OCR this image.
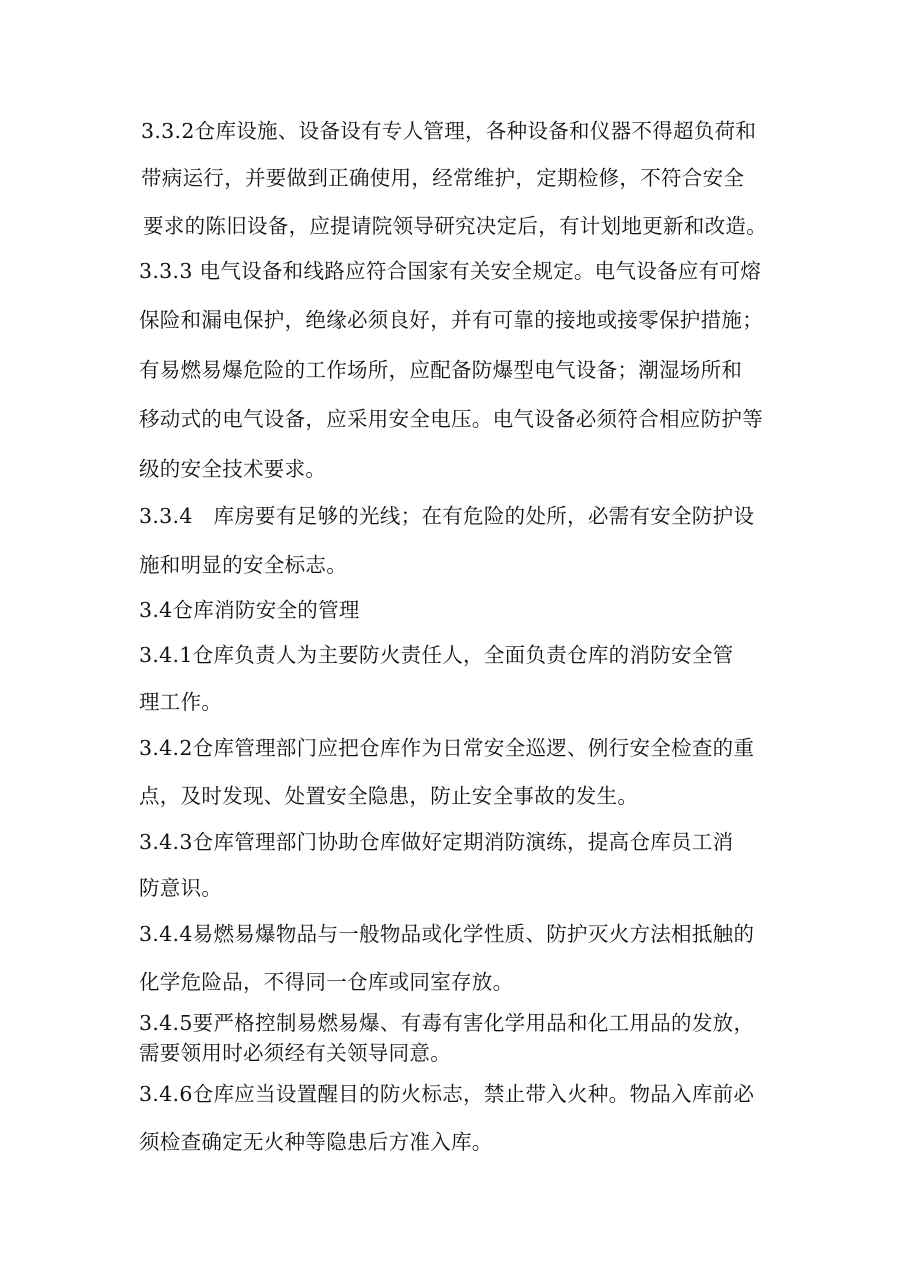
3.3.2仓库设施、设备设有专人管理，各种设备和仪器不得超负荷和
带病运行，并要做到正确使用，经常维护，定期检修，不符合安全
要求的陈旧设备，应提请院领导研究决定后，有计划地更新和改造。
3.3.3 电气设备和线路应符合国家有关安全规定。电气设备应有可熔
保险和漏电保护，绝缘必须良好，并有可靠的接地或接零保护措施；
有易燃易爆危险的工作场所，应配备防爆型电气设备；潮湿场所和
移动式的电气设备，应采用安全电压。电气设备必须符合相应防护等
级的安全技术要求。
3.3.4　库房要有足够的光线；在有危险的处所，必需有安全防护设
施和明显的安全标志。
3.4仓库消防安全的管理
3.4.1仓库负责人为主要防火责任人，全面负责仓库的消防安全管
理工作。
3.4.2仓库管理部门应把仓库作为日常安全巡逻、例行安全检查的重
点，及时发现、处置安全隐患，防止安全事故的发生。
3.4.3仓库管理部门协助仓库做好定期消防演练，提高仓库员工消
防意识。
3.4.4易燃易爆物品与一般物品或化学性质、防护灭火方法相抵触的
化学危险品，不得同一仓库或同室存放。
3.4.5要严格控制易燃易爆、有毒有害化学用品和化工用品的发放，
需要领用时必须经有关领导同意。
3.4.6仓库应当设置醒目的防火标志，禁止带入火种。物品入库前必
须检查确定无火种等隐患后方准入库。
